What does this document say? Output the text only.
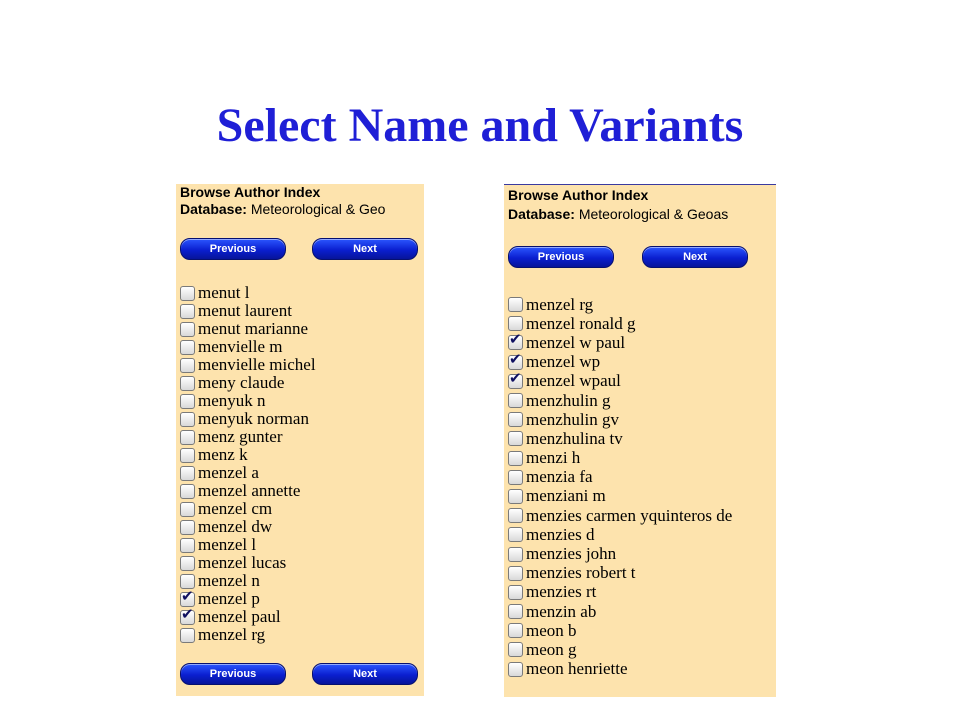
Select Name and Variants
Browse Author Index
Database: Meteorological & Geo
Previous	Next
menut l
menut laurent
menut marianne
menvielle m
menvielle michel
meny claude
menyuk n
menyuk norman
menz gunter
menz k
menzel a
menzel annette
menzel cm
menzel dw
menzel l
menzel lucas
menzel n
✔
menzel p
✔
menzel paul
menzel rg
Previous	Next
Browse Author Index
Database: Meteorological & Geoas
Previous	Next
menzel rg
menzel ronald g
✔
menzel w paul
✔
menzel wp
✔
menzel wpaul
menzhulin g
menzhulin gv
menzhulina tv
menzi h
menzia fa
menziani m
menzies carmen yquinteros de
menzies d
menzies john
menzies robert t
menzies rt
menzin ab
meon b
meon g
meon henriette
